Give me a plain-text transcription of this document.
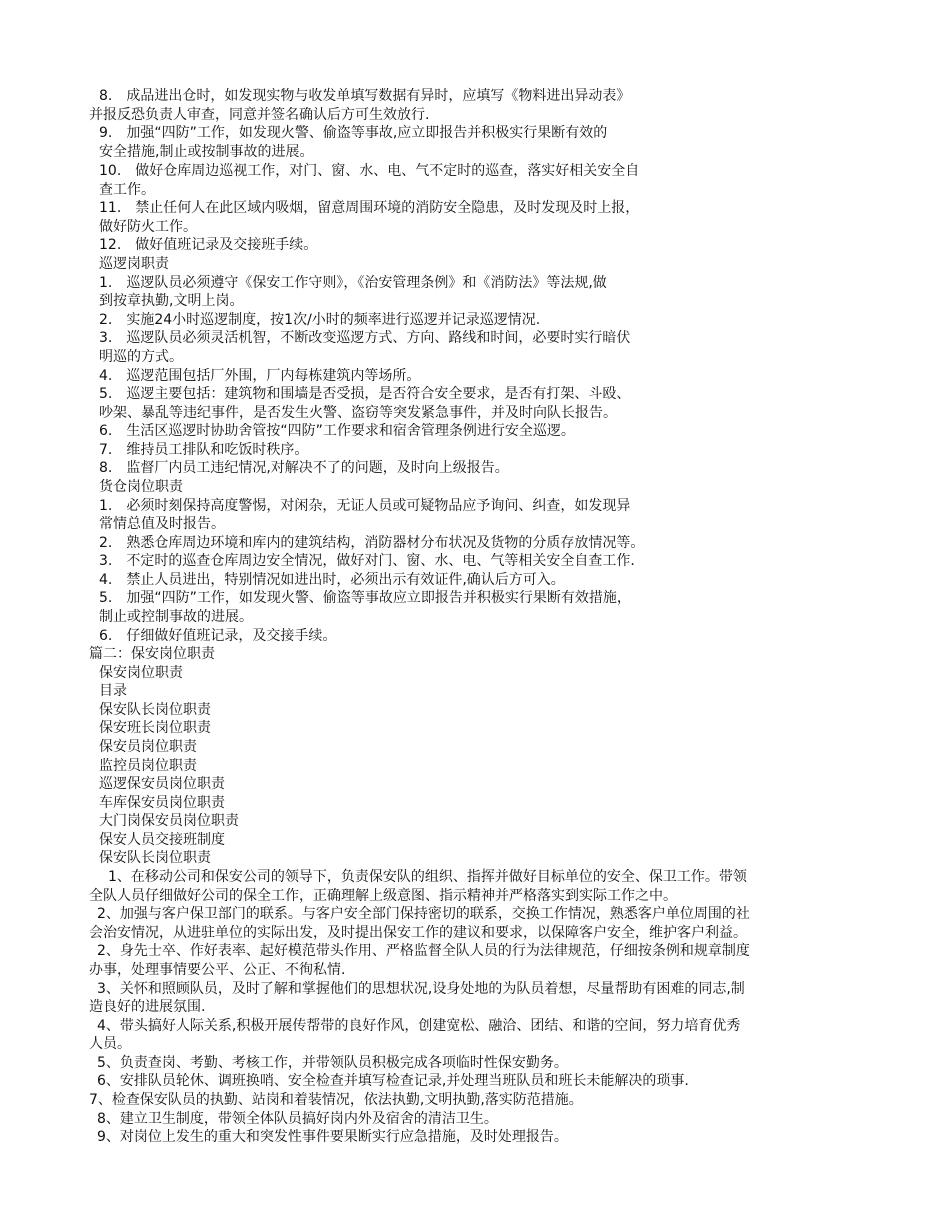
8.　成品进出仓时，如发现实物与收发单填写数据有异时，应填写《物料进出异动表》
并报反恐负责人审查，同意并签名确认后方可生效放行.
9.　加强“四防”工作，如发现火警、偷盗等事故,应立即报告并积极实行果断有效的
安全措施,制止或按制事故的进展。
10.　做好仓库周边巡视工作，对门、窗、水、电、气不定时的巡查，落实好相关安全自
查工作。
11.　禁止任何人在此区域内吸烟，留意周围环境的消防安全隐患，及时发现及时上报，
做好防火工作。
12.　做好值班记录及交接班手续。
巡逻岗职责
1.　巡逻队员必须遵守《保安工作守则》，《治安管理条例》和《消防法》等法规,做
到按章执勤,文明上岗。
2.　实施24小时巡逻制度，按1次/小时的频率进行巡逻并记录巡逻情况.
3.　巡逻队员必须灵活机智，不断改变巡逻方式、方向、路线和时间，必要时实行暗伏
明巡的方式。
4.　巡逻范围包括厂外围，厂内每栋建筑内等场所。
5.　巡逻主要包括：建筑物和围墙是否受损，是否符合安全要求，是否有打架、斗殴、
吵架、暴乱等违纪事件，是否发生火警、盗窃等突发紧急事件，并及时向队长报告。
6.　生活区巡逻时协助舍管按“四防”工作要求和宿舍管理条例进行安全巡逻。
7.　维持员工排队和吃饭时秩序。
8.　监督厂内员工违纪情况,对解决不了的问题，及时向上级报告。
货仓岗位职责
1.　必须时刻保持高度警惕，对闲杂，无证人员或可疑物品应予询问、纠查，如发现异
常情总值及时报告。
2.　熟悉仓库周边环境和库内的建筑结构，消防器材分布状况及货物的分质存放情况等。
3.　不定时的巡查仓库周边安全情况，做好对门、窗、水、电、气等相关安全自查工作.
4.　禁止人员进出，特别情况如进出时，必须出示有效证件,确认后方可入。
5.　加强“四防”工作，如发现火警、偷盗等事故应立即报告并积极实行果断有效措施，
制止或控制事故的进展。
6.　仔细做好值班记录，及交接手续。
篇二：保安岗位职责
保安岗位职责
目录
保安队长岗位职责
保安班长岗位职责
保安员岗位职责
监控员岗位职责
巡逻保安员岗位职责
车库保安员岗位职责
大门岗保安员岗位职责
保安人员交接班制度
保安队长岗位职责
1、在移动公司和保安公司的领导下，负责保安队的组织、指挥并做好目标单位的安全、保卫工作。带领
全队人员仔细做好公司的保全工作，正确理解上级意图、指示精神并严格落实到实际工作之中。
2、加强与客户保卫部门的联系。与客户安全部门保持密切的联系，交换工作情况，熟悉客户单位周围的社
会治安情况，从进驻单位的实际出发，及时提出保安工作的建议和要求，以保障客户安全，维护客户利益。
2、身先士卒、作好表率、起好模范带头作用、严格监督全队人员的行为法律规范，仔细按条例和规章制度
办事，处理事情要公平、公正、不徇私情.
3、关怀和照顾队员，及时了解和掌握他们的思想状况,设身处地的为队员着想，尽量帮助有困难的同志,制
造良好的进展氛围.
4、带头搞好人际关系,积极开展传帮带的良好作风，创建宽松、融洽、团结、和谐的空间，努力培育优秀
人员。
5、负责查岗、考勤、考核工作，并带领队员积极完成各项临时性保安勤务。
6、安排队员轮休、调班换哨、安全检查并填写检查记录,并处理当班队员和班长未能解决的琐事.
7、检查保安队员的执勤、站岗和着装情况，依法执勤,文明执勤,落实防范措施。
8、建立卫生制度，带领全体队员搞好岗内外及宿舍的清洁卫生。
9、对岗位上发生的重大和突发性事件要果断实行应急措施，及时处理报告。
